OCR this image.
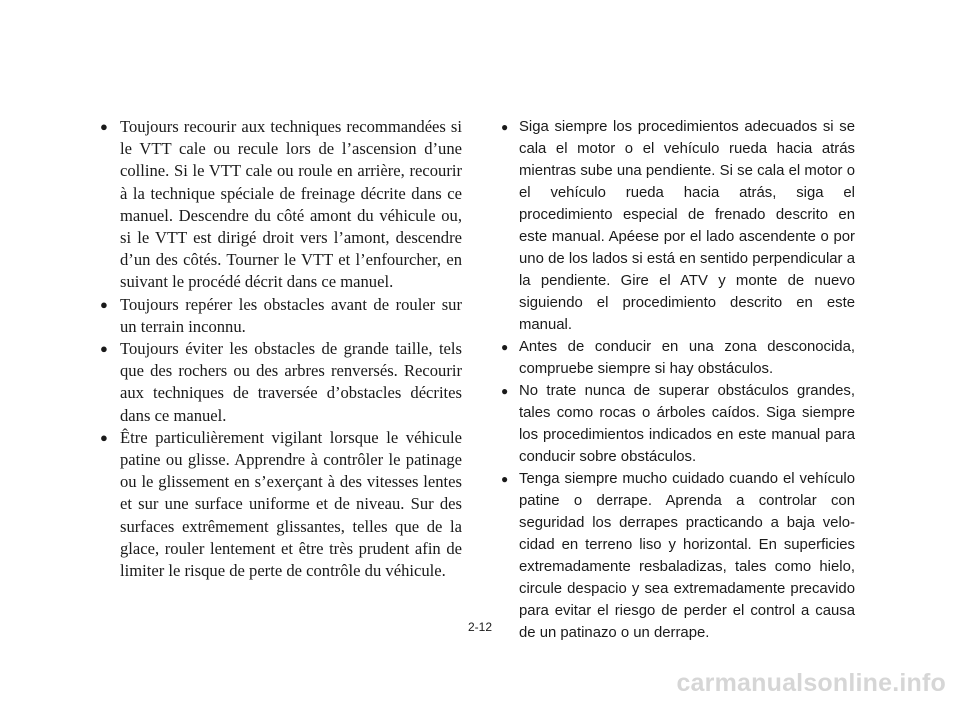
● Toujours recourir aux techniques recommandées si le VTT cale ou recule lors de l’ascension d’une colline. Si le VTT cale ou roule en arrière, recourir à la technique spéciale de freinage décrite dans ce manuel. Descendre du côté amont du véhicule ou, si le VTT est dirigé droit vers l’amont, descendre d’un des côtés. Tourner le VTT et l’enfourcher, en suivant le procédé décrit dans ce manuel.
● Toujours repérer les obstacles avant de rouler sur un terrain inconnu.
● Toujours éviter les obstacles de grande taille, tels que des rochers ou des arbres renversés. Recourir aux techniques de traversée d’obstacles décrites dans ce manuel.
● Être particulièrement vigilant lorsque le véhicule patine ou glisse. Apprendre à contrôler le patinage ou le glissement en s’exerçant à des vitesses lentes et sur une surface uniforme et de niveau. Sur des surfaces extrêmement glissantes, telles que de la glace, rouler lentement et être très prudent afin de limiter le risque de perte de contrôle du véhicule.
● Siga siempre los procedimientos adecuados si se cala el motor o el vehículo rueda hacia atrás mientras sube una pendiente. Si se cala el motor o el vehículo rueda hacia atrás, siga el procedimiento especial de frenado descrito en este manual. Apéese por el lado ascendente o por uno de los lados si está en sentido perpendicular a la pendiente. Gire el ATV y monte de nuevo siguiendo el procedimiento descrito en este manual.
● Antes de conducir en una zona desconocida, compruebe siempre si hay obstáculos.
● No trate nunca de superar obstáculos grandes, tales como rocas o árboles caídos. Siga siempre los procedimientos indicados en este manual para conducir sobre obstáculos.
● Tenga siempre mucho cuidado cuando el vehículo patine o derrape. Aprenda a controlar con seguridad los derrapes practicando a baja velocidad en terreno liso y horizontal. En superficies extremadamente resbaladizas, tales como hielo, circule despacio y sea extremadamente precavido para evitar el riesgo de perder el control a causa de un patinazo o un derrape.
2-12
carmanualsonline.info
